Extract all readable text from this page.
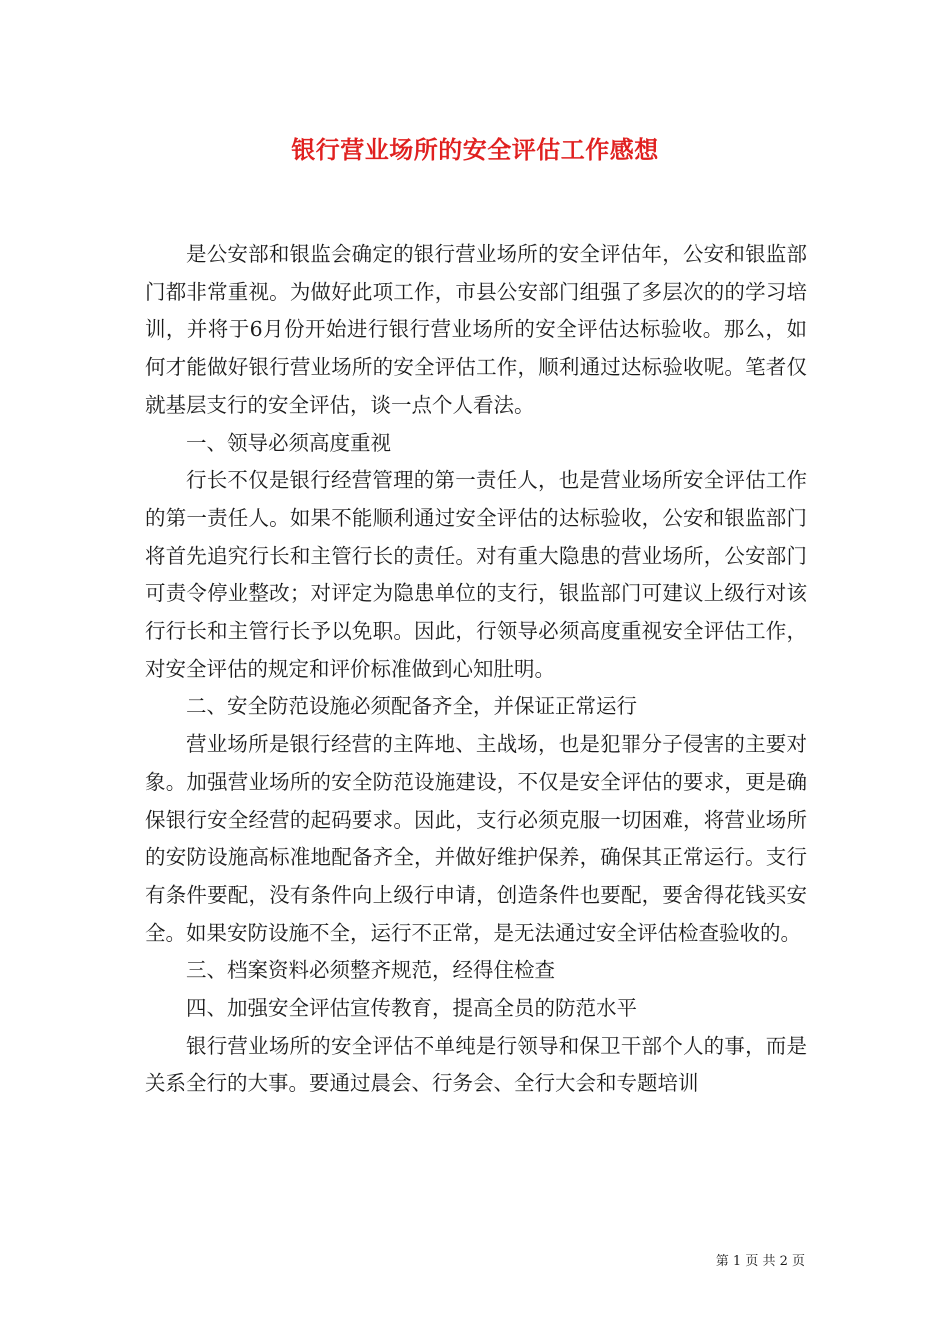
银行营业场所的安全评估工作感想

是公安部和银监会确定的银行营业场所的安全评估年，公安和银监部门都非常重视。为做好此项工作，市县公安部门组强了多层次的的学习培训，并将于6月份开始进行银行营业场所的安全评估达标验收。那么，如何才能做好银行营业场所的安全评估工作，顺利通过达标验收呢。笔者仅就基层支行的安全评估，谈一点个人看法。

一、领导必须高度重视

行长不仅是银行经营管理的第一责任人，也是营业场所安全评估工作的第一责任人。如果不能顺利通过安全评估的达标验收，公安和银监部门将首先追究行长和主管行长的责任。对有重大隐患的营业场所，公安部门可责令停业整改；对评定为隐患单位的支行，银监部门可建议上级行对该行行长和主管行长予以免职。因此，行领导必须高度重视安全评估工作，对安全评估的规定和评价标准做到心知肚明。

二、安全防范设施必须配备齐全，并保证正常运行

营业场所是银行经营的主阵地、主战场，也是犯罪分子侵害的主要对象。加强营业场所的安全防范设施建设，不仅是安全评估的要求，更是确保银行安全经营的起码要求。因此，支行必须克服一切困难，将营业场所的安防设施高标准地配备齐全，并做好维护保养，确保其正常运行。支行有条件要配，没有条件向上级行申请，创造条件也要配，要舍得花钱买安全。如果安防设施不全，运行不正常，是无法通过安全评估检查验收的。

三、档案资料必须整齐规范，经得住检查

四、加强安全评估宣传教育，提高全员的防范水平

银行营业场所的安全评估不单纯是行领导和保卫干部个人的事，而是关系全行的大事。要通过晨会、行务会、全行大会和专题培训

第 1 页 共 2 页
